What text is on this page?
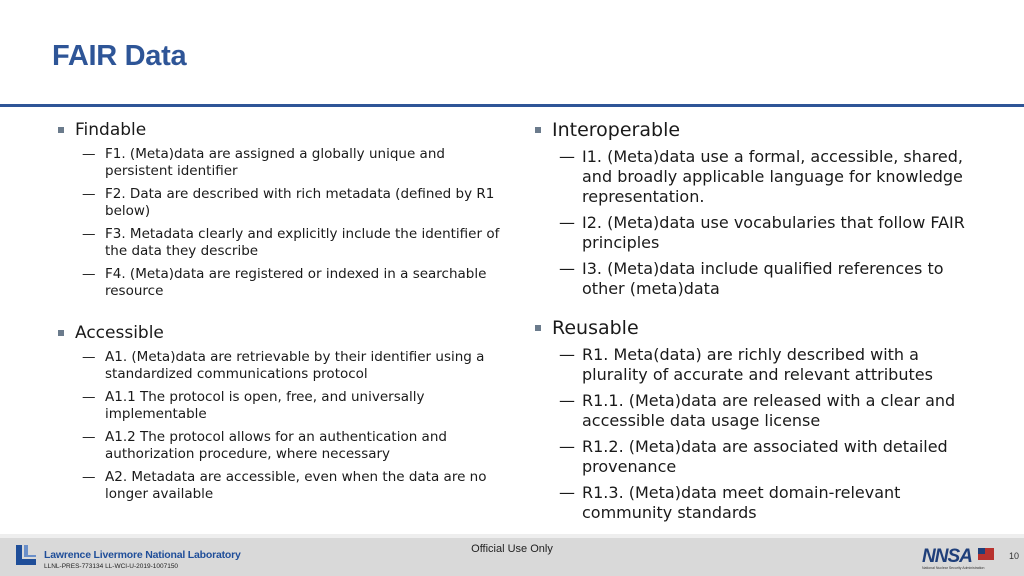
FAIR Data
Findable
— F1. (Meta)data are assigned a globally unique and persistent identifier
— F2. Data are described with rich metadata (defined by R1 below)
— F3. Metadata clearly and explicitly include the identifier of the data they describe
— F4. (Meta)data are registered or indexed in a searchable resource
Accessible
— A1. (Meta)data are retrievable by their identifier using a standardized communications protocol
— A1.1 The protocol is open, free, and universally implementable
— A1.2 The protocol allows for an authentication and authorization procedure, where necessary
— A2. Metadata are accessible, even when the data are no longer available
Interoperable
— I1. (Meta)data use a formal, accessible, shared, and broadly applicable language for knowledge representation.
— I2. (Meta)data use vocabularies that follow FAIR principles
— I3. (Meta)data include qualified references to other (meta)data
Reusable
— R1. Meta(data) are richly described with a plurality of accurate and relevant attributes
— R1.1. (Meta)data are released with a clear and accessible data usage license
— R1.2. (Meta)data are associated with detailed provenance
— R1.3. (Meta)data meet domain-relevant community standards
Official Use Only
Lawrence Livermore National Laboratory
LLNL-PRES-773134 LL-WCI-U-2019-1007150	NNSA
National Nuclear Security Administration
10
